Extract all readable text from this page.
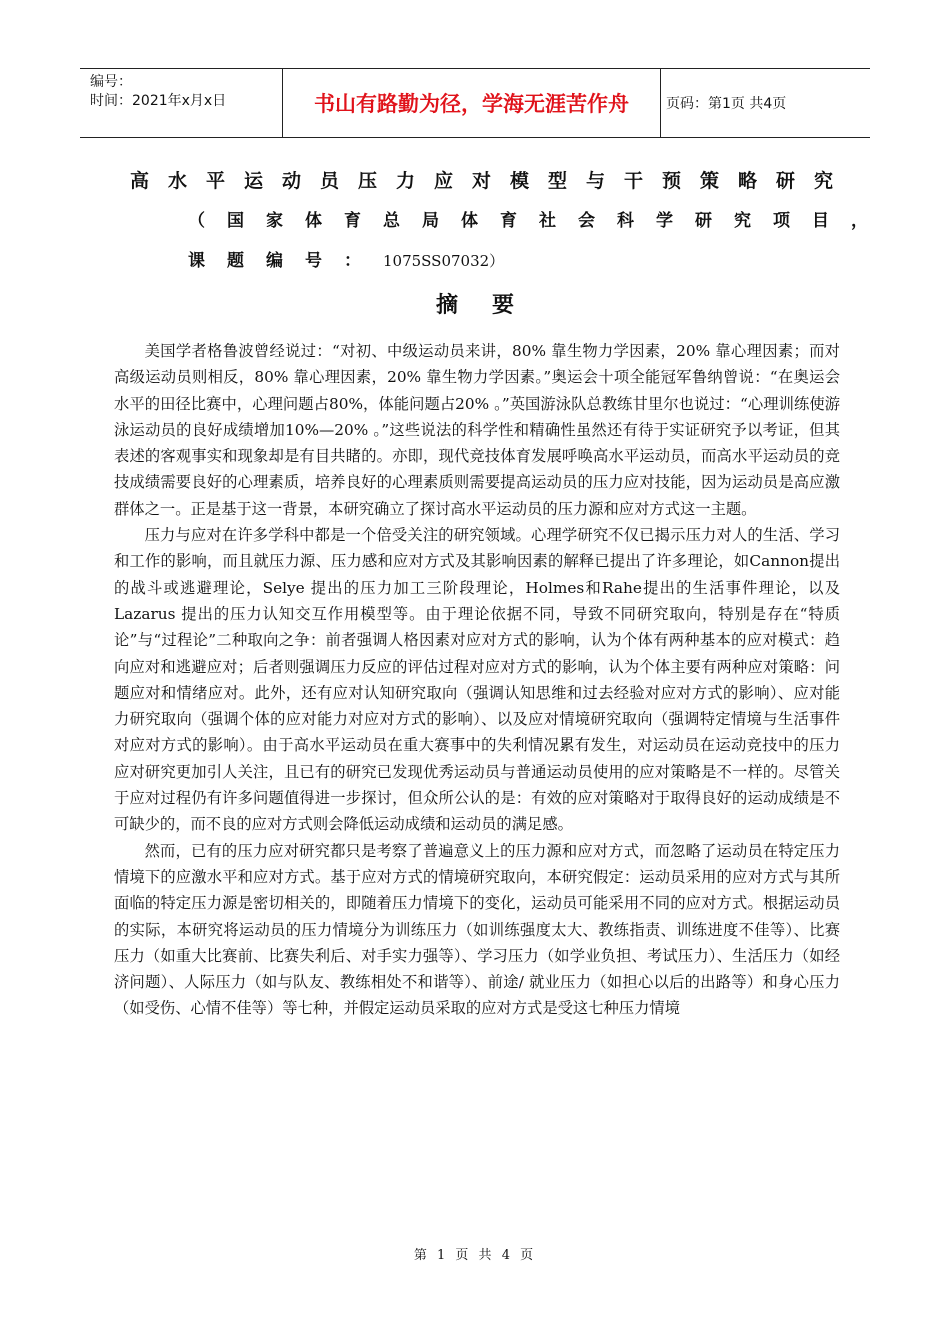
编号：
时间：2021年x月x日	书山有路勤为径，学海无涯苦作舟	页码：第1页 共4页
高水平运动员压力应对模型与干预策略研究
（国家体育总局体育社会科学研究项目，
课题编号：1075SS07032）
摘要

美国学者格鲁波曾经说过：“对初、中级运动员来讲，80% 靠生物力学因素，20% 靠心理因素；而对高级运动员则相反，80% 靠心理因素，20% 靠生物力学因素。”奥运会十项全能冠军鲁纳曾说：“在奥运会水平的田径比赛中，心理问题占80%，体能问题占20% 。”英国游泳队总教练甘里尔也说过：“心理训练使游泳运动员的良好成绩增加10%—20% 。”这些说法的科学性和精确性虽然还有待于实证研究予以考证，但其表述的客观事实和现象却是有目共睹的。亦即，现代竞技体育发展呼唤高水平运动员，而高水平运动员的竞技成绩需要良好的心理素质，培养良好的心理素质则需要提高运动员的压力应对技能，因为运动员是高应激群体之一。正是基于这一背景，本研究确立了探讨高水平运动员的压力源和应对方式这一主题。

压力与应对在许多学科中都是一个倍受关注的研究领域。心理学研究不仅已揭示压力对人的生活、学习和工作的影响，而且就压力源、压力感和应对方式及其影响因素的解释已提出了许多理论，如Cannon提出的战斗或逃避理论，Selye 提出的压力加工三阶段理论，Holmes和Rahe提出的生活事件理论，以及Lazarus 提出的压力认知交互作用模型等。由于理论依据不同，导致不同研究取向，特别是存在“特质论”与“过程论”二种取向之争：前者强调人格因素对应对方式的影响，认为个体有两种基本的应对模式：趋向应对和逃避应对；后者则强调压力反应的评估过程对应对方式的影响，认为个体主要有两种应对策略：问题应对和情绪应对。此外，还有应对认知研究取向（强调认知思维和过去经验对应对方式的影响）、应对能力研究取向（强调个体的应对能力对应对方式的影响）、以及应对情境研究取向（强调特定情境与生活事件对应对方式的影响）。由于高水平运动员在重大赛事中的失利情况累有发生，对运动员在运动竞技中的压力应对研究更加引人关注，且已有的研究已发现优秀运动员与普通运动员使用的应对策略是不一样的。尽管关于应对过程仍有许多问题值得进一步探讨，但众所公认的是：有效的应对策略对于取得良好的运动成绩是不可缺少的，而不良的应对方式则会降低运动成绩和运动员的满足感。

然而，已有的压力应对研究都只是考察了普遍意义上的压力源和应对方式，而忽略了运动员在特定压力情境下的应激水平和应对方式。基于应对方式的情境研究取向，本研究假定：运动员采用的应对方式与其所面临的特定压力源是密切相关的，即随着压力情境下的变化，运动员可能采用不同的应对方式。根据运动员的实际，本研究将运动员的压力情境分为训练压力（如训练强度太大、教练指责、训练进度不佳等）、比赛压力（如重大比赛前、比赛失利后、对手实力强等）、学习压力（如学业负担、考试压力）、生活压力（如经济问题）、人际压力（如与队友、教练相处不和谐等）、前途/ 就业压力（如担心以后的出路等）和身心压力（如受伤、心情不佳等）等七种，并假定运动员采取的应对方式是受这七种压力情境

第 1 页 共 4 页
